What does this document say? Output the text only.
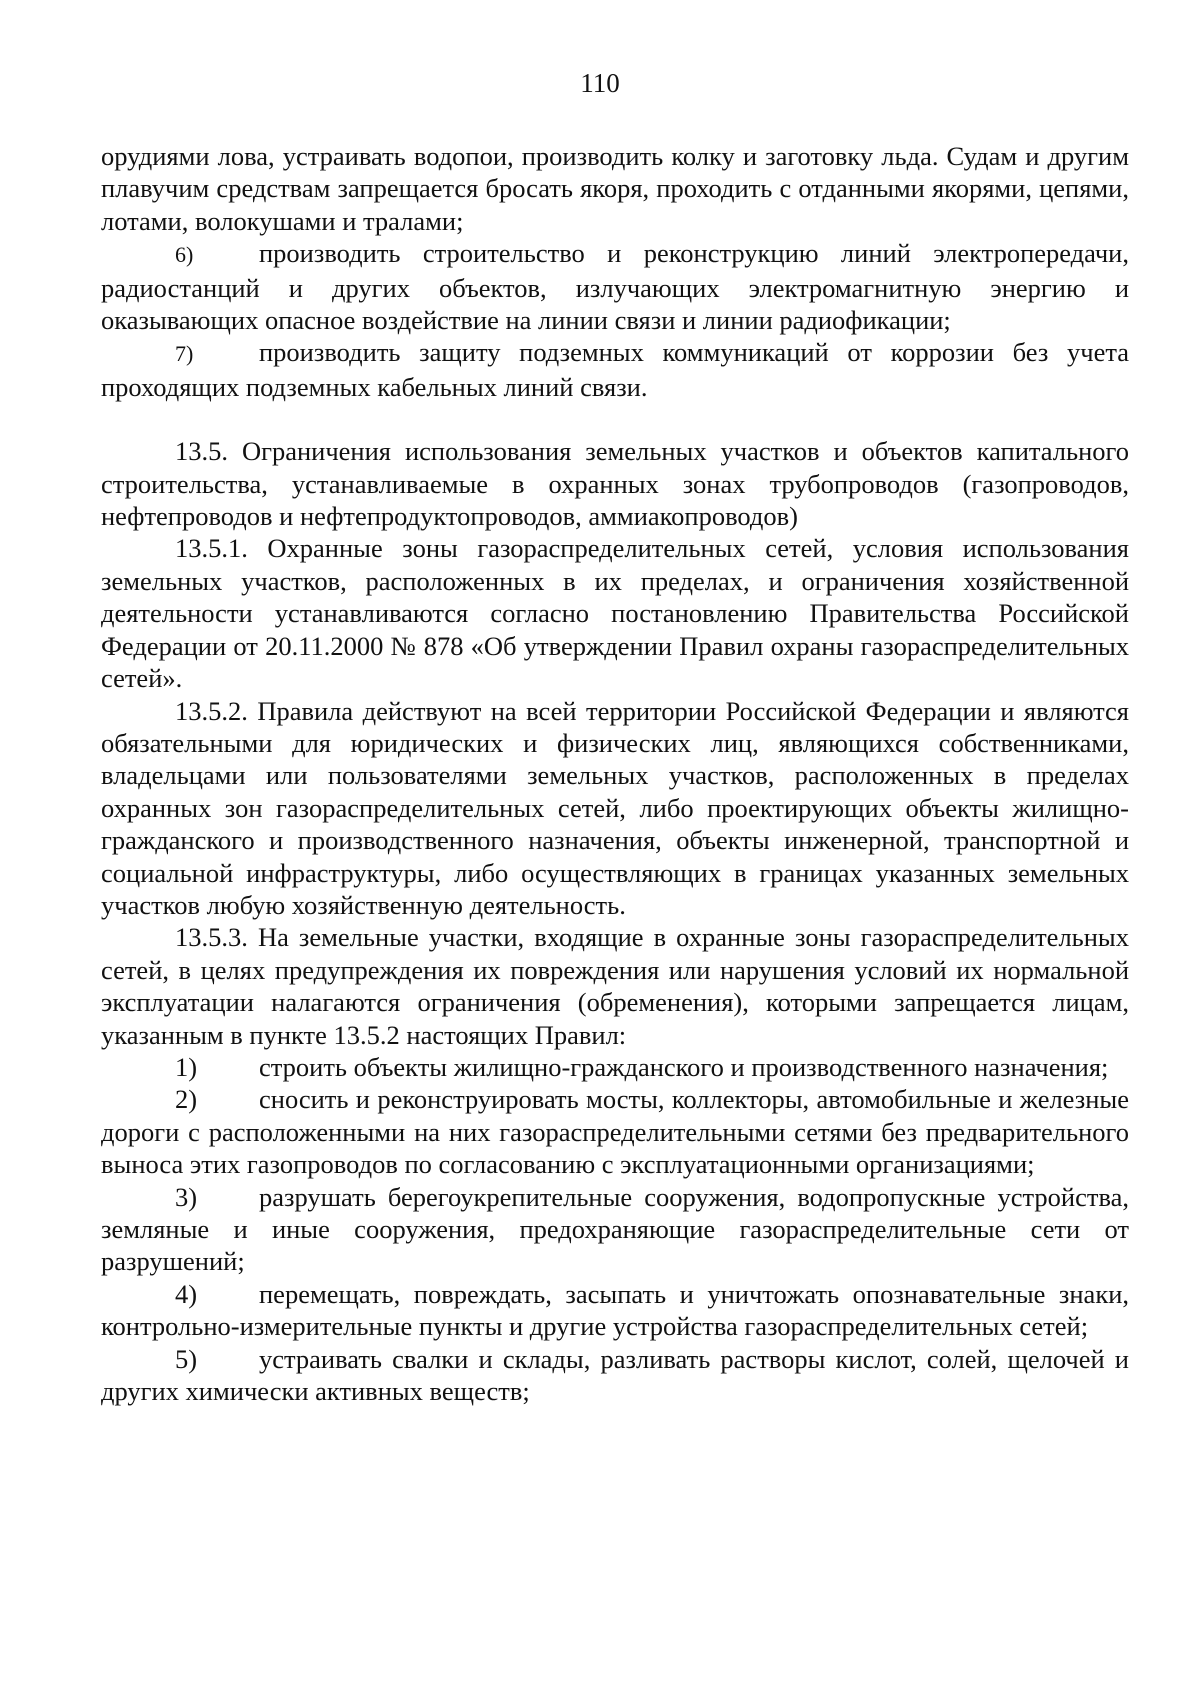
110

орудиями лова, устраивать водопои, производить колку и заготовку льда. Судам и другим плавучим средствам запрещается бросать якоря, проходить с отданными якорями, цепями, лотами, волокушами и тралами;

6) производить строительство и реконструкцию линий электропередачи, радиостанций и других объектов, излучающих электромагнитную энергию и оказывающих опасное воздействие на линии связи и линии радиофикации;

7) производить защиту подземных коммуникаций от коррозии без учета проходящих подземных кабельных линий связи.

13.5. Ограничения использования земельных участков и объектов капитального строительства, устанавливаемые в охранных зонах трубопроводов (газопроводов, нефтепроводов и нефтепродуктопроводов, аммиакопроводов)

13.5.1. Охранные зоны газораспределительных сетей, условия использования земельных участков, расположенных в их пределах, и ограничения хозяйственной деятельности устанавливаются согласно постановлению Правительства Российской Федерации от 20.11.2000 № 878 «Об утверждении Правил охраны газораспределительных сетей».

13.5.2. Правила действуют на всей территории Российской Федерации и являются обязательными для юридических и физических лиц, являющихся собственниками, владельцами или пользователями земельных участков, расположенных в пределах охранных зон газораспределительных сетей, либо проектирующих объекты жилищно-гражданского и производственного назначения, объекты инженерной, транспортной и социальной инфраструктуры, либо осуществляющих в границах указанных земельных участков любую хозяйственную деятельность.

13.5.3. На земельные участки, входящие в охранные зоны газораспределительных сетей, в целях предупреждения их повреждения или нарушения условий их нормальной эксплуатации налагаются ограничения (обременения), которыми запрещается лицам, указанным в пункте 13.5.2 настоящих Правил:

1) строить объекты жилищно-гражданского и производственного назначения;

2) сносить и реконструировать мосты, коллекторы, автомобильные и железные дороги с расположенными на них газораспределительными сетями без предварительного выноса этих газопроводов по согласованию с эксплуатационными организациями;

3) разрушать берегоукрепительные сооружения, водопропускные устройства, земляные и иные сооружения, предохраняющие газораспределительные сети от разрушений;

4) перемещать, повреждать, засыпать и уничтожать опознавательные знаки, контрольно-измерительные пункты и другие устройства газораспределительных сетей;

5) устраивать свалки и склады, разливать растворы кислот, солей, щелочей и других химически активных веществ;
